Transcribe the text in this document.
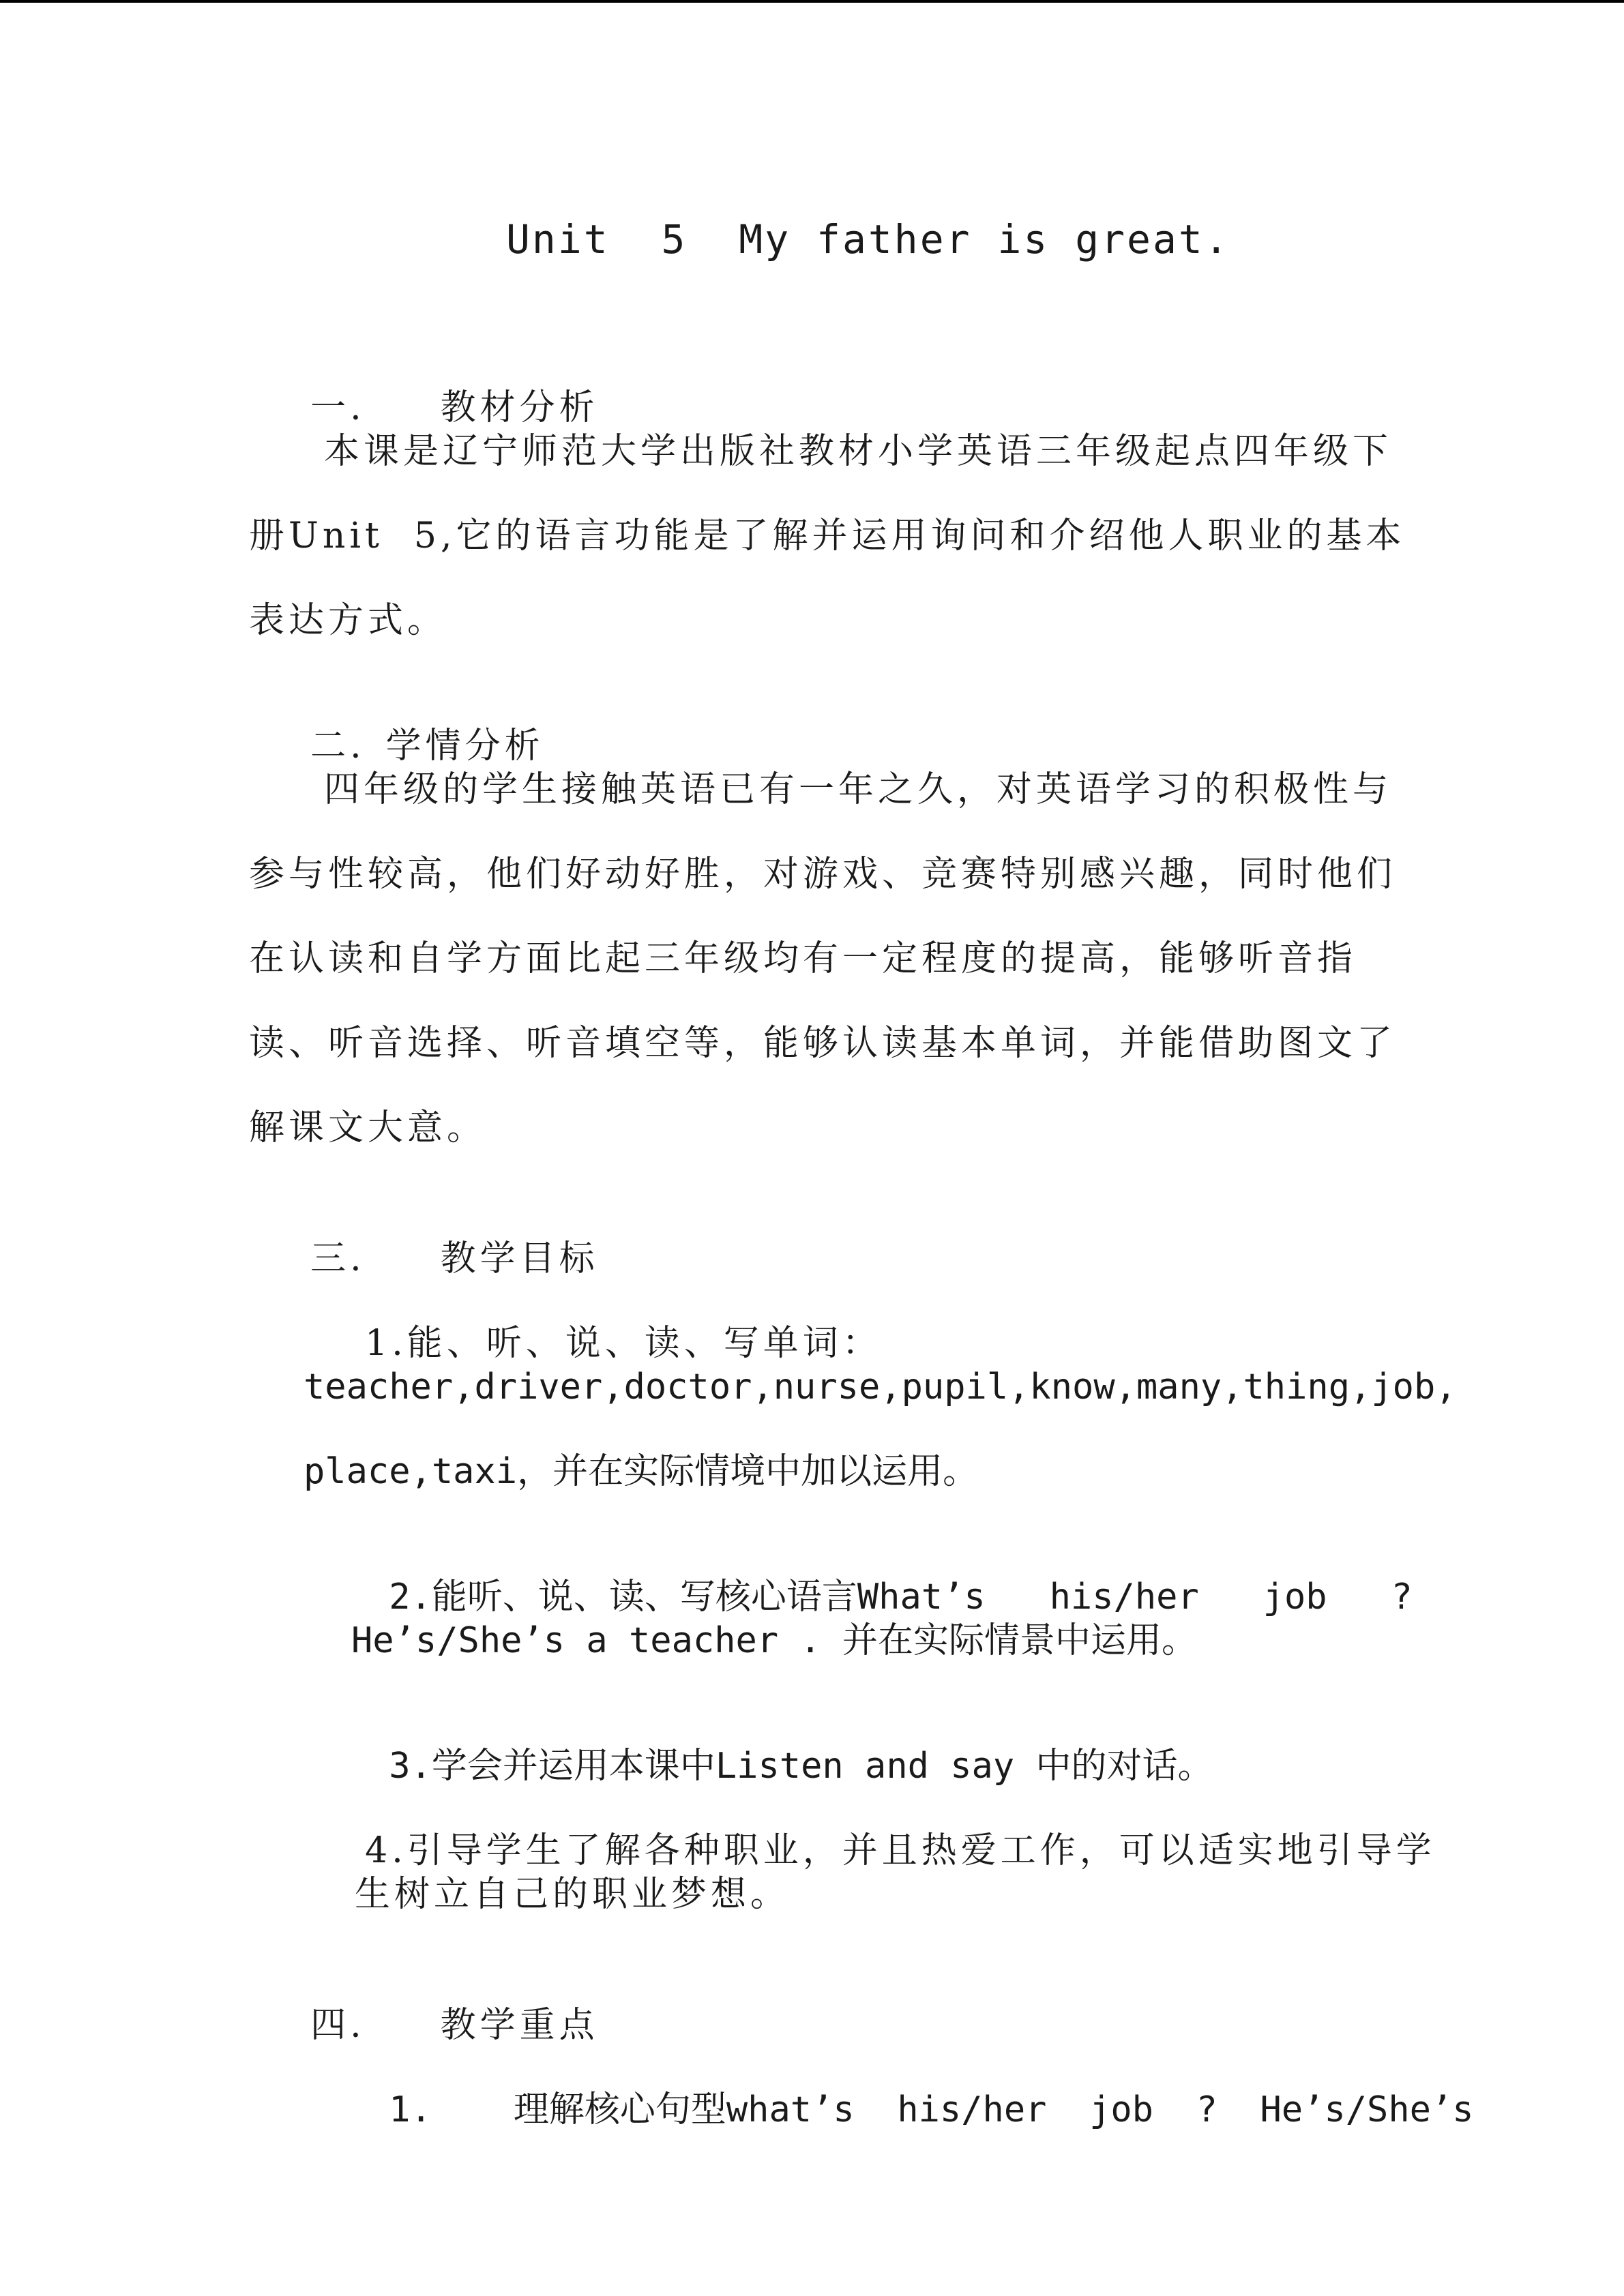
Unit  5  My father is great.

一. 教材分析

本课是辽宁师范大学出版社教材小学英语三年级起点四年级下
册Unit  5,它的语言功能是了解并运用询问和介绍他人职业的基本
表达方式。

二. 学情分析

四年级的学生接触英语已有一年之久，对英语学习的积极性与
参与性较高，他们好动好胜，对游戏、竞赛特别感兴趣，同时他们
在认读和自学方面比起三年级均有一定程度的提高，能够听音指
读、听音选择、听音填空等，能够认读基本单词，并能借助图文了
解课文大意。

三. 教学目标

1.能、听、说、读、写单词：

teacher,driver,doctor,nurse,pupil,know,many,thing,job,
place,taxi，并在实际情境中加以运用。

2.能听、说、读、写核心语言What’s   his/her   job   ?

He’s/She’s a teacher . 并在实际情景中运用。

3.学会并运用本课中Listen and say 中的对话。

4.引导学生了解各种职业，并且热爱工作，可以适实地引导学

生树立自己的职业梦想。

四. 教学重点

1. 理解核心句型what’s  his/her  job  ?  He’s/She’s
